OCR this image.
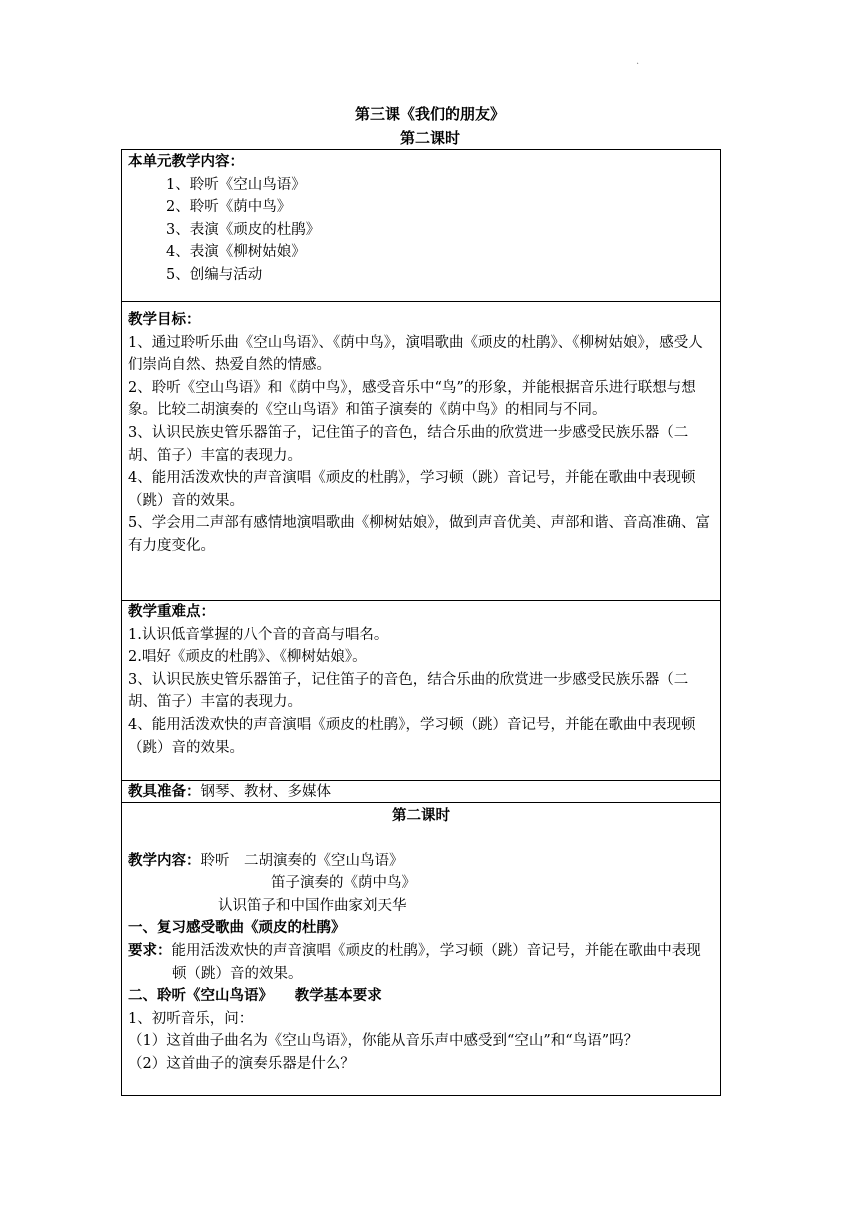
.
第三课《我们的朋友》
第二课时

本单元教学内容：

1、聆听《空山鸟语》

2、聆听《荫中鸟》

3、表演《顽皮的杜鹃》

4、表演《柳树姑娘》

5、创编与活动

教学目标：

1、通过聆听乐曲《空山鸟语》、《荫中鸟》，演唱歌曲《顽皮的杜鹃》、《柳树姑娘》，感受人们崇尚自然、热爱自然的情感。

2、聆听《空山鸟语》和《荫中鸟》，感受音乐中“鸟”的形象，并能根据音乐进行联想与想象。比较二胡演奏的《空山鸟语》和笛子演奏的《荫中鸟》的相同与不同。

3、认识民族史管乐器笛子，记住笛子的音色，结合乐曲的欣赏进一步感受民族乐器（二胡、笛子）丰富的表现力。

4、能用活泼欢快的声音演唱《顽皮的杜鹃》，学习顿（跳）音记号，并能在歌曲中表现顿（跳）音的效果。

5、学会用二声部有感情地演唱歌曲《柳树姑娘》，做到声音优美、声部和谐、音高准确、富有力度变化。

教学重难点：

1.认识低音掌握的八个音的音高与唱名。

2.唱好《顽皮的杜鹃》、《柳树姑娘》。

3、认识民族史管乐器笛子，记住笛子的音色，结合乐曲的欣赏进一步感受民族乐器（二胡、笛子）丰富的表现力。

4、能用活泼欢快的声音演唱《顽皮的杜鹃》，学习顿（跳）音记号，并能在歌曲中表现顿（跳）音的效果。

教具准备：钢琴、教材、多媒体

第二课时

教学内容：聆听　二胡演奏的《空山鸟语》

笛子演奏的《荫中鸟》

认识笛子和中国作曲家刘天华

一、复习感受歌曲《顽皮的杜鹃》

要求：能用活泼欢快的声音演唱《顽皮的杜鹃》，学习顿（跳）音记号，并能在歌曲中表现顿（跳）音的效果。

二、聆听《空山鸟语》　　教学基本要求

1、初听音乐，问：

（1）这首曲子曲名为《空山鸟语》，你能从音乐声中感受到“空山”和“鸟语”吗？

（2）这首曲子的演奏乐器是什么？
